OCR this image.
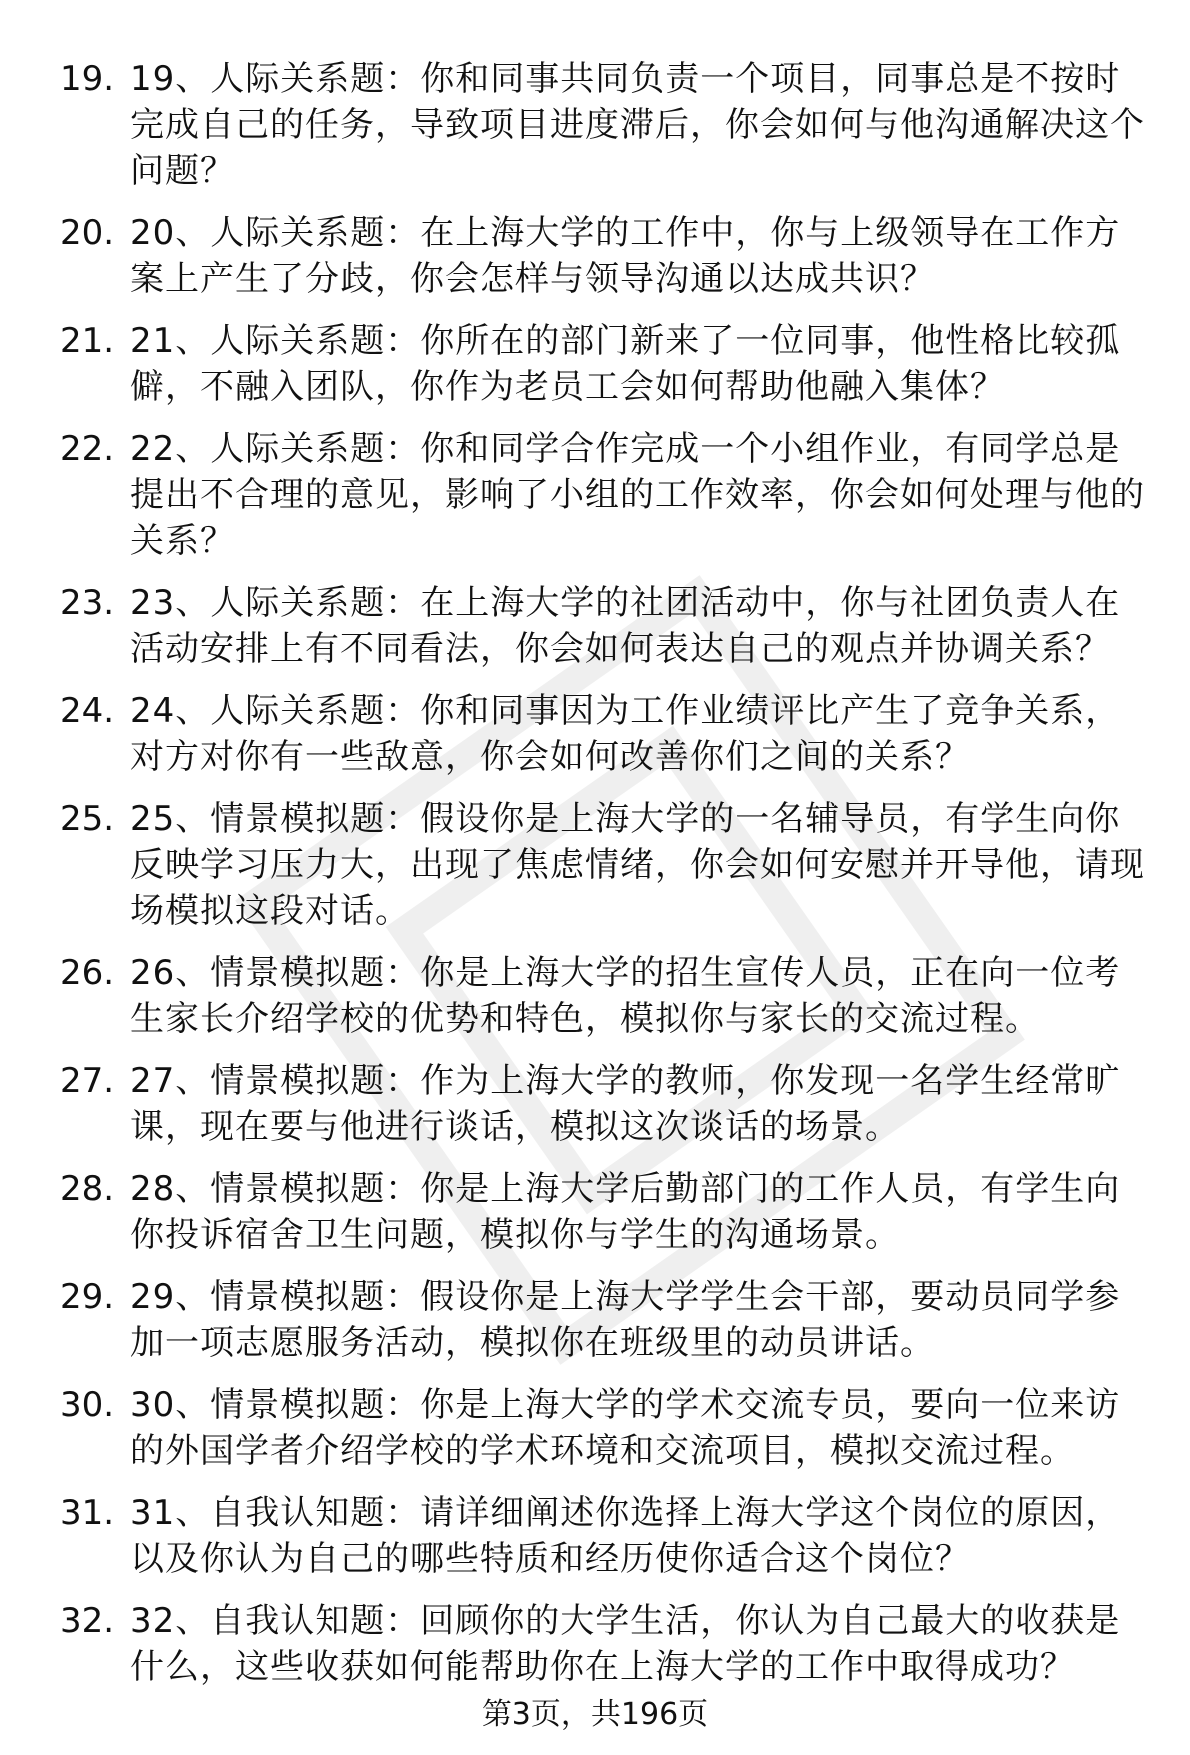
19. 19、人际关系题：你和同事共同负责一个项目，同事总是不按时完成自己的任务，导致项目进度滞后，你会如何与他沟通解决这个问题？
20. 20、人际关系题：在上海大学的工作中，你与上级领导在工作方案上产生了分歧，你会怎样与领导沟通以达成共识？
21. 21、人际关系题：你所在的部门新来了一位同事，他性格比较孤僻，不融入团队，你作为老员工会如何帮助他融入集体？
22. 22、人际关系题：你和同学合作完成一个小组作业，有同学总是提出不合理的意见，影响了小组的工作效率，你会如何处理与他的关系？
23. 23、人际关系题：在上海大学的社团活动中，你与社团负责人在活动安排上有不同看法，你会如何表达自己的观点并协调关系？
24. 24、人际关系题：你和同事因为工作业绩评比产生了竞争关系，对方对你有一些敌意，你会如何改善你们之间的关系？
25. 25、情景模拟题：假设你是上海大学的一名辅导员，有学生向你反映学习压力大，出现了焦虑情绪，你会如何安慰并开导他，请现场模拟这段对话。
26. 26、情景模拟题：你是上海大学的招生宣传人员，正在向一位考生家长介绍学校的优势和特色，模拟你与家长的交流过程。
27. 27、情景模拟题：作为上海大学的教师，你发现一名学生经常旷课，现在要与他进行谈话，模拟这次谈话的场景。
28. 28、情景模拟题：你是上海大学后勤部门的工作人员，有学生向你投诉宿舍卫生问题，模拟你与学生的沟通场景。
29. 29、情景模拟题：假设你是上海大学学生会干部，要动员同学参加一项志愿服务活动，模拟你在班级里的动员讲话。
30. 30、情景模拟题：你是上海大学的学术交流专员，要向一位来访的外国学者介绍学校的学术环境和交流项目，模拟交流过程。
31. 31、自我认知题：请详细阐述你选择上海大学这个岗位的原因，以及你认为自己的哪些特质和经历使你适合这个岗位？
32. 32、自我认知题：回顾你的大学生活，你认为自己最大的收获是什么，这些收获如何能帮助你在上海大学的工作中取得成功？
第3页，共196页
